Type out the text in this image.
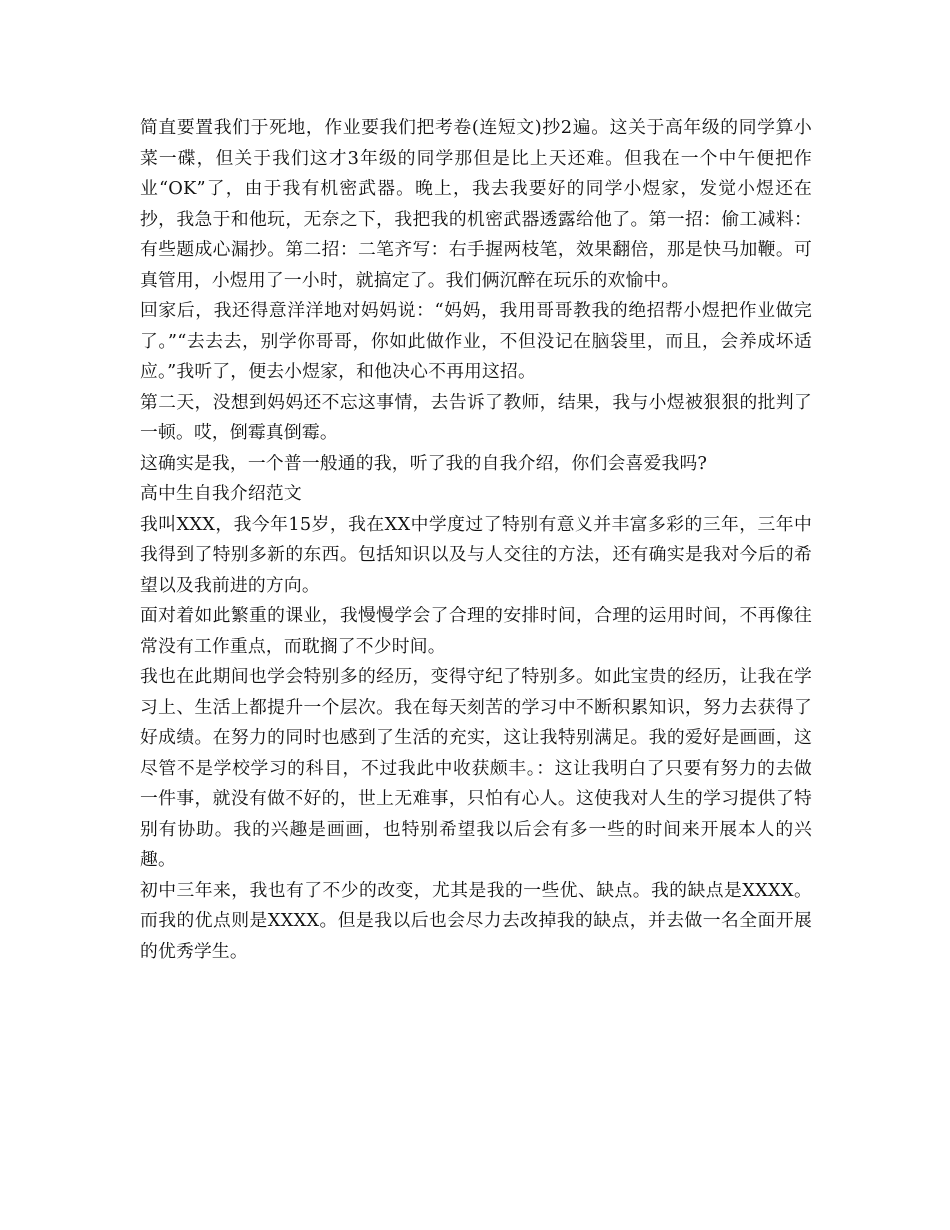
简直要置我们于死地，作业要我们把考卷(连短文)抄2遍。这关于高年级的同学算小菜一碟，但关于我们这才3年级的同学那但是比上天还难。但我在一个中午便把作业“OK”了，由于我有机密武器。晚上，我去我要好的同学小煜家，发觉小煜还在抄，我急于和他玩，无奈之下，我把我的机密武器透露给他了。第一招：偷工减料：有些题成心漏抄。第二招：二笔齐写：右手握两枝笔，效果翻倍，那是快马加鞭。可真管用，小煜用了一小时，就搞定了。我们俩沉醉在玩乐的欢愉中。

回家后，我还得意洋洋地对妈妈说：“妈妈，我用哥哥教我的绝招帮小煜把作业做完了。”“去去去，别学你哥哥，你如此做作业，不但没记在脑袋里，而且，会养成坏适应。”我听了，便去小煜家，和他决心不再用这招。

第二天，没想到妈妈还不忘这事情，去告诉了教师，结果，我与小煜被狠狠的批判了一顿。哎，倒霉真倒霉。

这确实是我，一个普一般通的我，听了我的自我介绍，你们会喜爱我吗?

高中生自我介绍范文

我叫XXX，我今年15岁，我在XX中学度过了特别有意义并丰富多彩的三年，三年中我得到了特别多新的东西。包括知识以及与人交往的方法，还有确实是我对今后的希望以及我前进的方向。

面对着如此繁重的课业，我慢慢学会了合理的安排时间，合理的运用时间，不再像往常没有工作重点，而耽搁了不少时间。

我也在此期间也学会特别多的经历，变得守纪了特别多。如此宝贵的经历，让我在学习上、生活上都提升一个层次。我在每天刻苦的学习中不断积累知识，努力去获得了好成绩。在努力的同时也感到了生活的充实，这让我特别满足。我的爱好是画画，这尽管不是学校学习的科目，不过我此中收获颇丰。：这让我明白了只要有努力的去做一件事，就没有做不好的，世上无难事，只怕有心人。这使我对人生的学习提供了特别有协助。我的兴趣是画画，也特别希望我以后会有多一些的时间来开展本人的兴趣。

初中三年来，我也有了不少的改变，尤其是我的一些优、缺点。我的缺点是XXXX。而我的优点则是XXXX。但是我以后也会尽力去改掉我的缺点，并去做一名全面开展的优秀学生。
